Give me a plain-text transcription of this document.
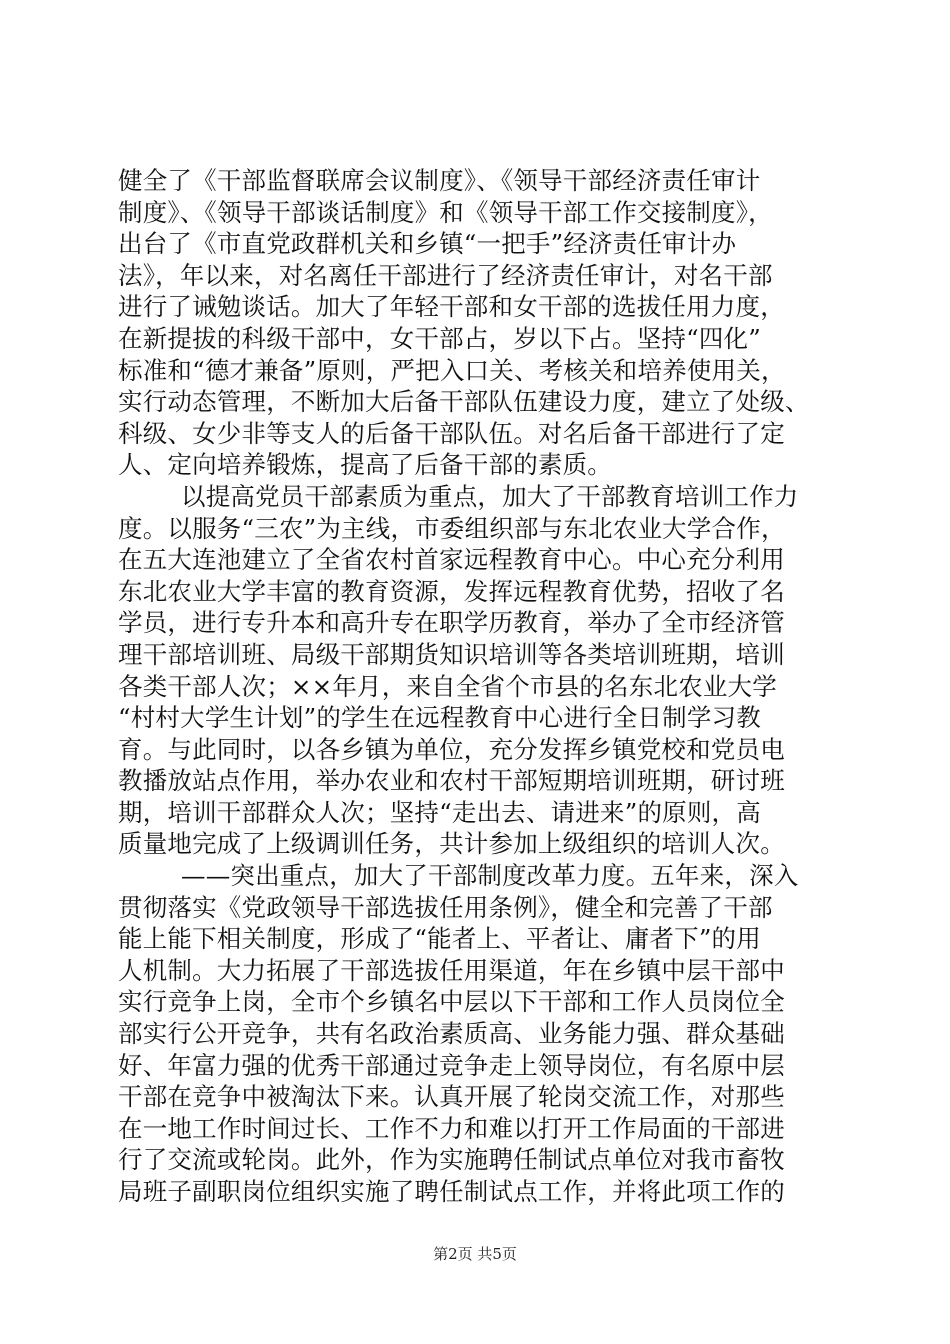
健全了《干部监督联席会议制度》、《领导干部经济责任审计
制度》、《领导干部谈话制度》和《领导干部工作交接制度》，
出台了《市直党政群机关和乡镇“一把手”经济责任审计办
法》，年以来，对名离任干部进行了经济责任审计，对名干部
进行了诫勉谈话。加大了年轻干部和女干部的选拔任用力度，
在新提拔的科级干部中，女干部占，岁以下占。坚持“四化”
标准和“德才兼备”原则，严把入口关、考核关和培养使用关，
实行动态管理，不断加大后备干部队伍建设力度，建立了处级、
科级、女少非等支人的后备干部队伍。对名后备干部进行了定
人、定向培养锻炼，提高了后备干部的素质。
以提高党员干部素质为重点，加大了干部教育培训工作力
度。以服务“三农”为主线，市委组织部与东北农业大学合作，
在五大连池建立了全省农村首家远程教育中心。中心充分利用
东北农业大学丰富的教育资源，发挥远程教育优势，招收了名
学员，进行专升本和高升专在职学历教育，举办了全市经济管
理干部培训班、局级干部期货知识培训等各类培训班期，培训
各类干部人次；××年月，来自全省个市县的名东北农业大学
“村村大学生计划”的学生在远程教育中心进行全日制学习教
育。与此同时，以各乡镇为单位，充分发挥乡镇党校和党员电
教播放站点作用，举办农业和农村干部短期培训班期，研讨班
期，培训干部群众人次；坚持“走出去、请进来”的原则，高
质量地完成了上级调训任务，共计参加上级组织的培训人次。
——突出重点，加大了干部制度改革力度。五年来，深入
贯彻落实《党政领导干部选拔任用条例》，健全和完善了干部
能上能下相关制度，形成了“能者上、平者让、庸者下”的用
人机制。大力拓展了干部选拔任用渠道，年在乡镇中层干部中
实行竞争上岗，全市个乡镇名中层以下干部和工作人员岗位全
部实行公开竞争，共有名政治素质高、业务能力强、群众基础
好、年富力强的优秀干部通过竞争走上领导岗位，有名原中层
干部在竞争中被淘汰下来。认真开展了轮岗交流工作，对那些
在一地工作时间过长、工作不力和难以打开工作局面的干部进
行了交流或轮岗。此外，作为实施聘任制试点单位对我市畜牧
局班子副职岗位组织实施了聘任制试点工作，并将此项工作的
第2页 共5页
